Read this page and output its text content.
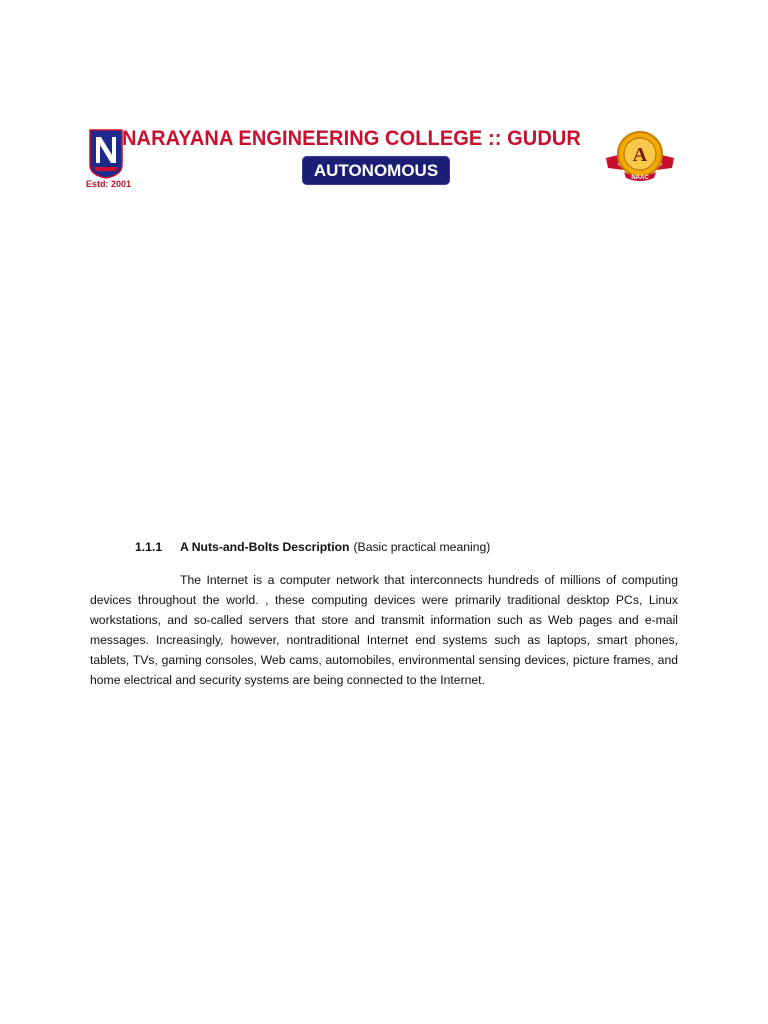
Estd: 2001
NARAYANA ENGINEERING COLLEGE :: GUDUR
AUTONOMOUS
A
NAAC
1.1.1	A Nuts-and-Bolts Description (Basic practical meaning)

The Internet is a computer network that interconnects hundreds of millions of computing devices throughout the world. , these computing devices were primarily traditional desktop PCs, Linux workstations, and so-called servers that store and transmit information such as Web pages and e-mail messages. Increasingly, however, nontraditional Internet end systems such as laptops, smart phones, tablets, TVs, gaming consoles, Web cams, automobiles, environmental sensing devices, picture frames, and home electrical and security systems are being connected to the Internet.
